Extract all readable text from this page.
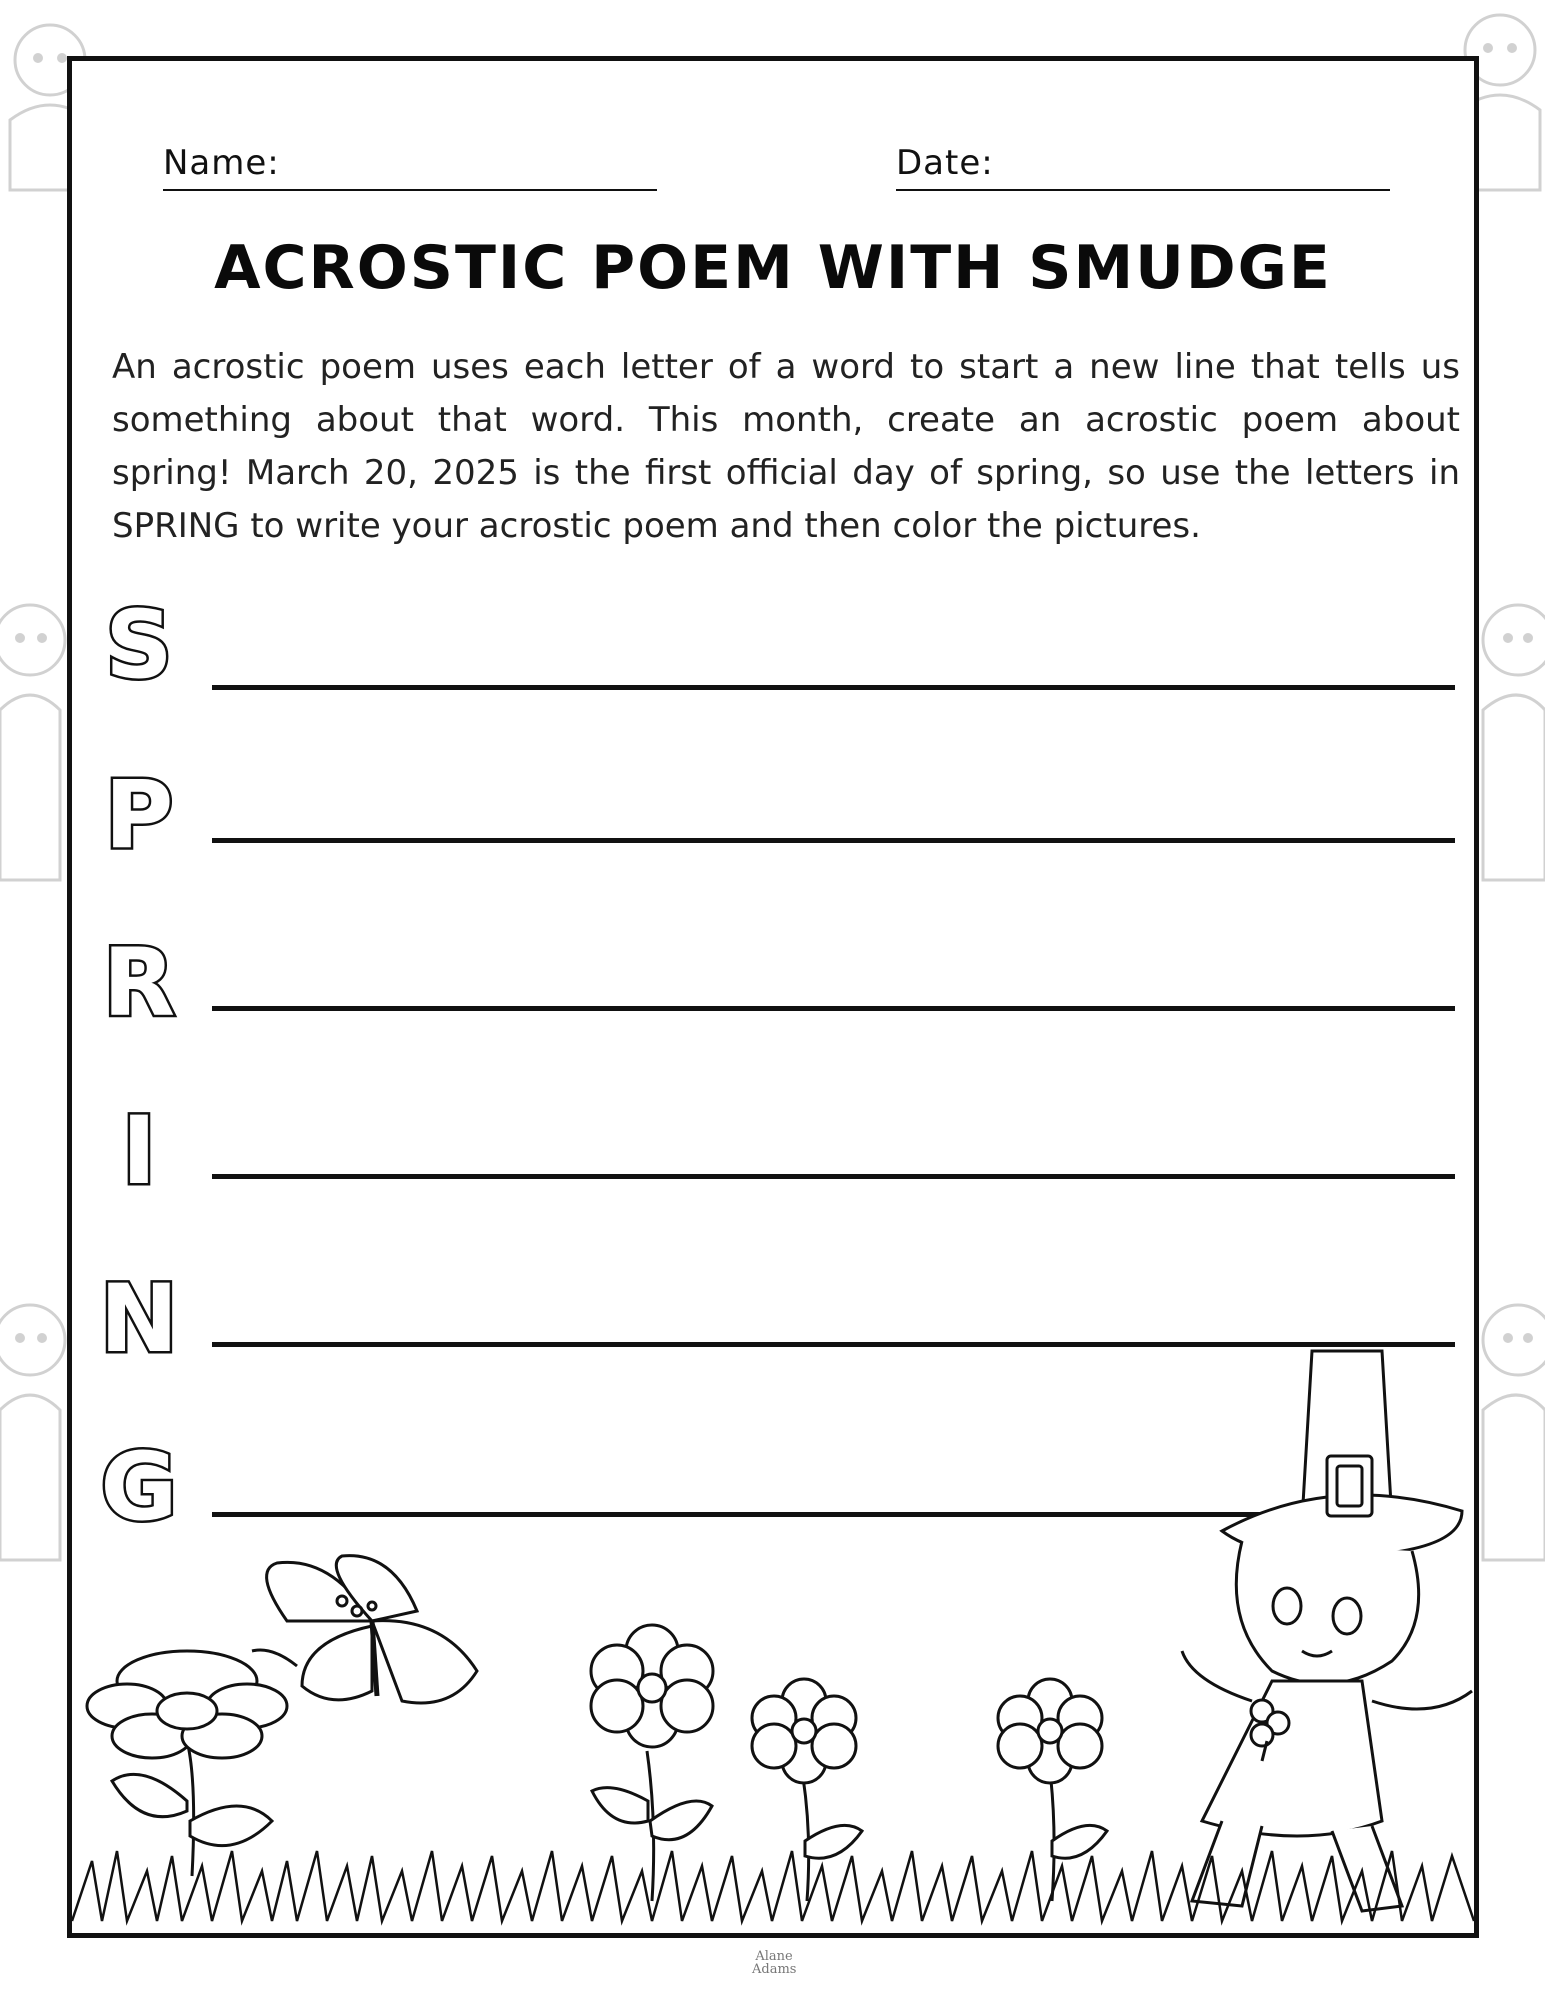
Name:	Date:
ACROSTIC POEM WITH SMUDGE
An acrostic poem uses each letter of a word to start a new line that tells us something about that word. This month, create an acrostic poem about spring! March 20, 2025 is the first official day of spring, so use the letters in SPRING to write your acrostic poem and then color the pictures.
S
P
R
I
N
G
Alane
Adams
